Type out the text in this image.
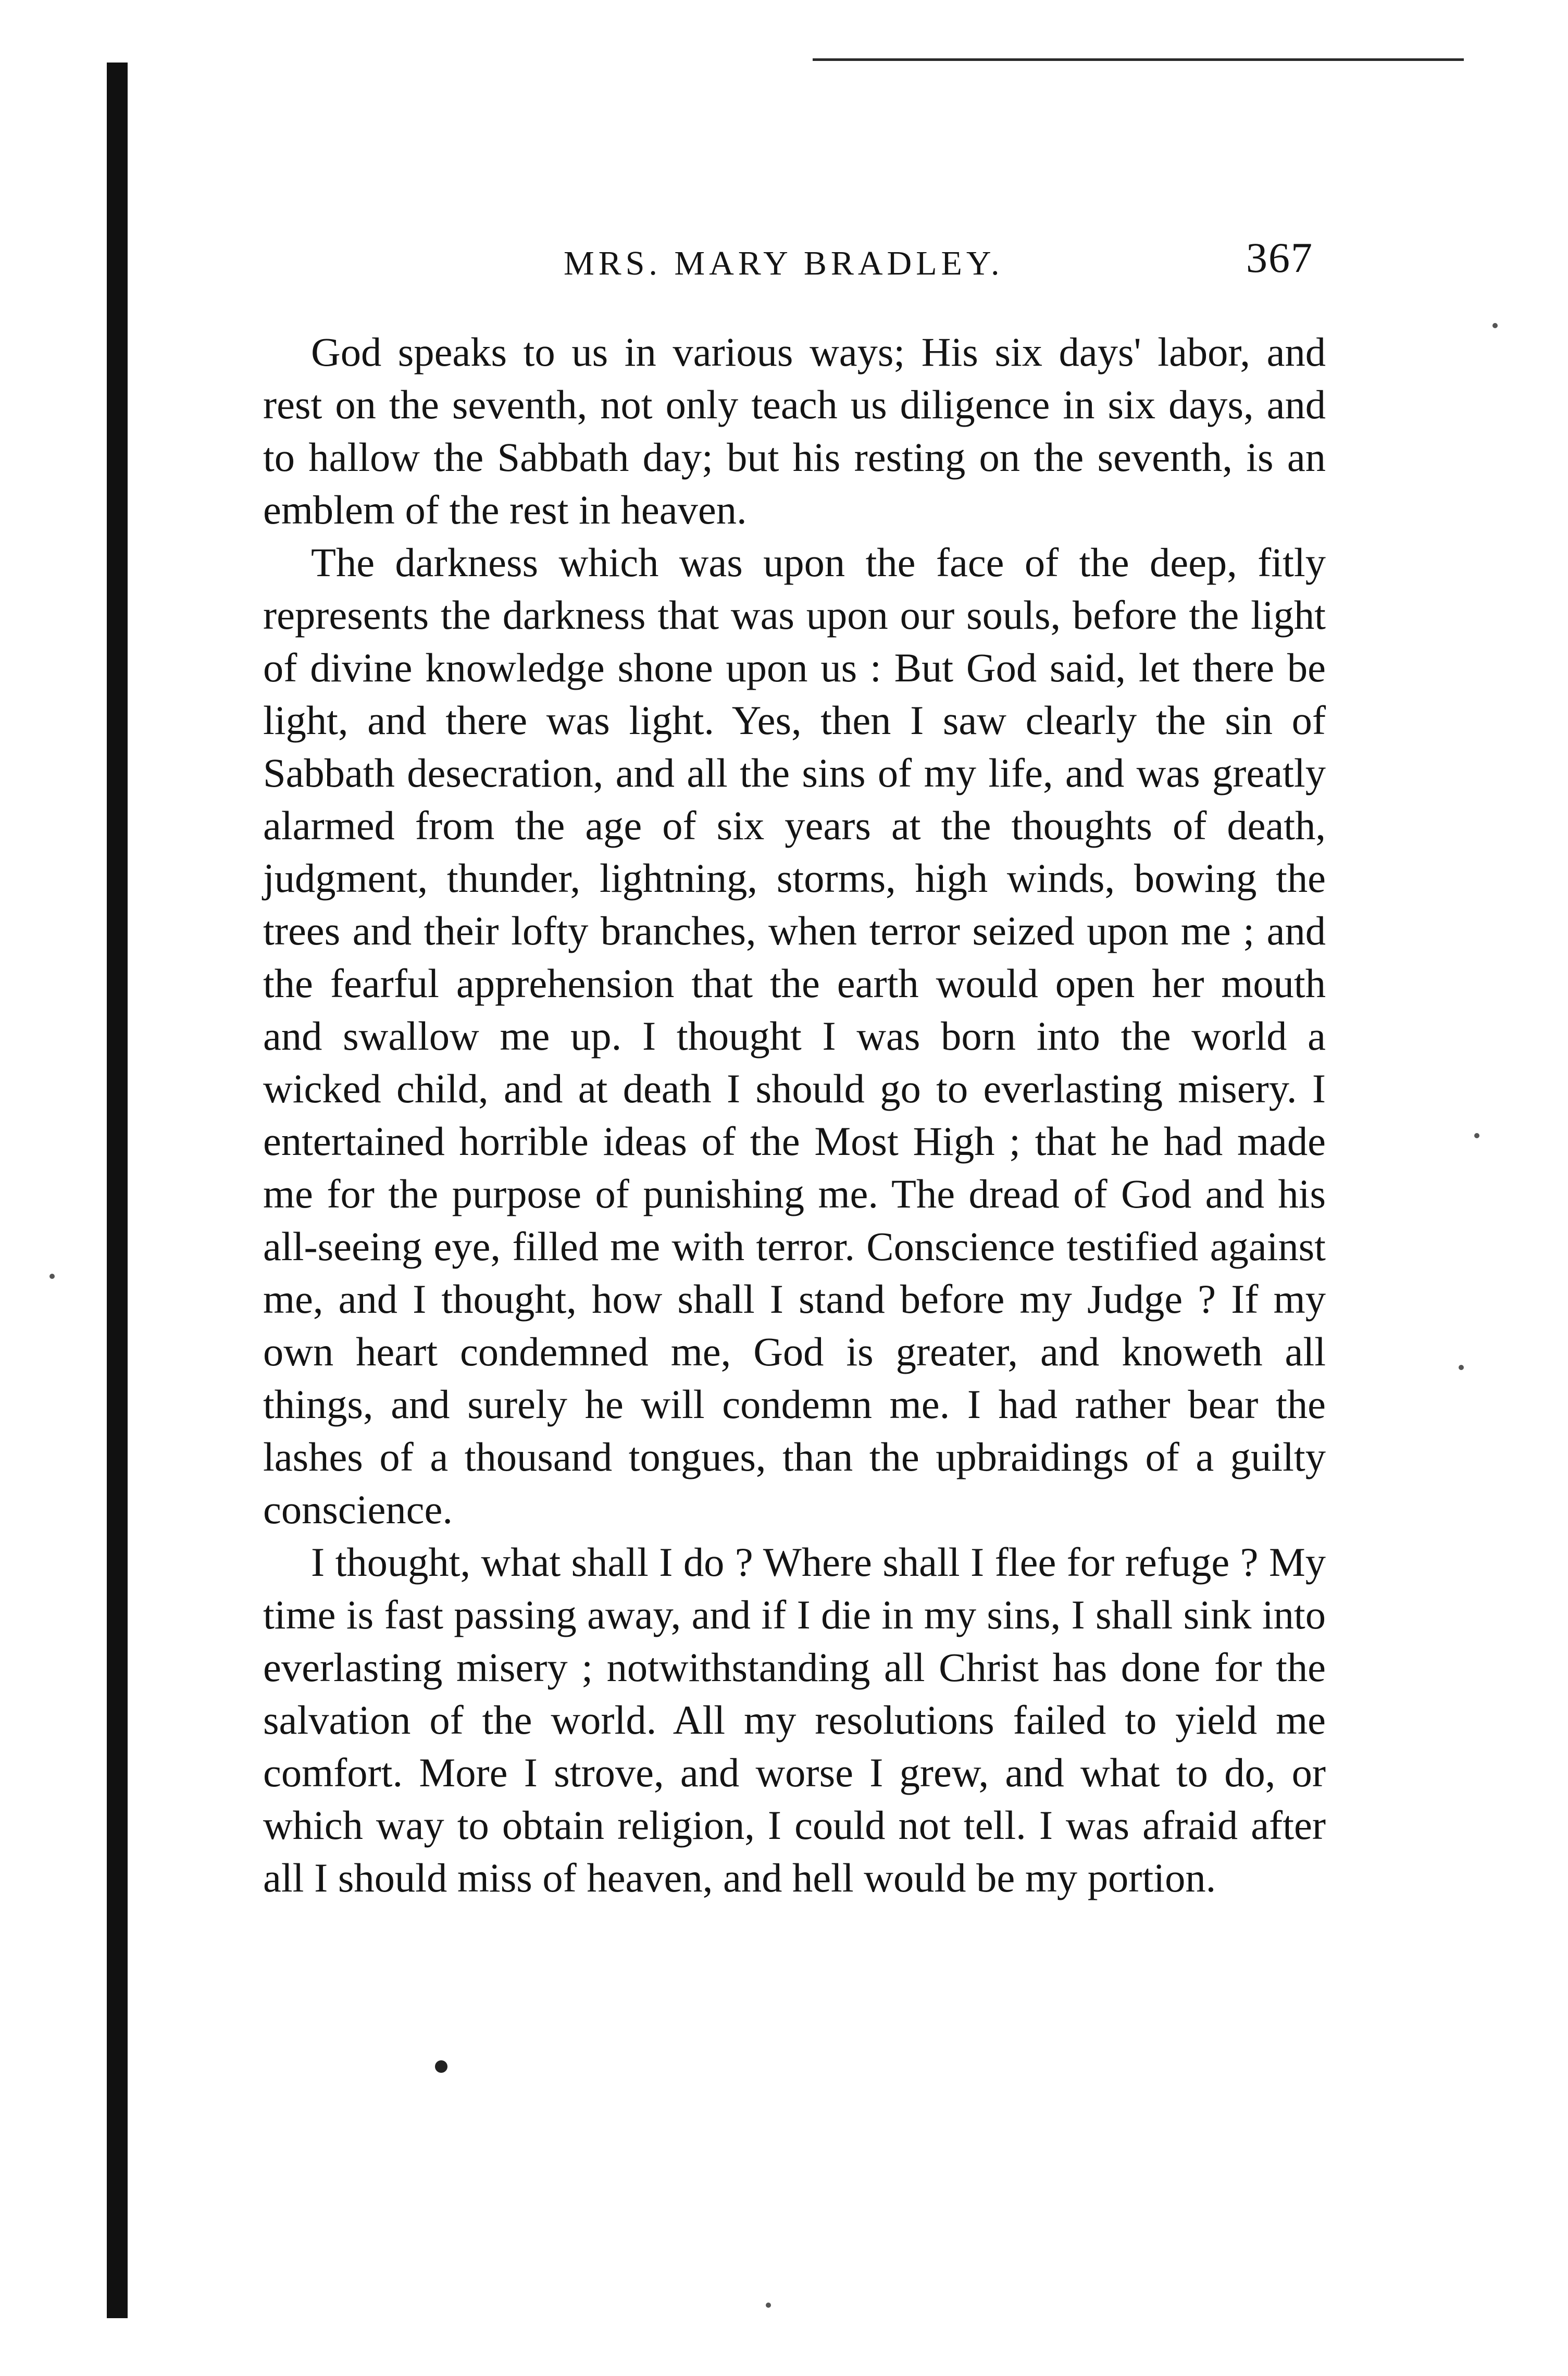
MRS. MARY BRADLEY.	367

God speaks to us in various ways; His six days' labor, and rest on the seventh, not only teach us diligence in six days, and to hallow the Sabbath day; but his resting on the seventh, is an emblem of the rest in heaven.

The darkness which was upon the face of the deep, fitly represents the darkness that was upon our souls, before the light of divine knowledge shone upon us : But God said, let there be light, and there was light. Yes, then I saw clearly the sin of Sabbath desecration, and all the sins of my life, and was greatly alarmed from the age of six years at the thoughts of death, judgment, thunder, lightning, storms, high winds, bowing the trees and their lofty branches, when terror seized upon me ; and the fearful apprehension that the earth would open her mouth and swallow me up. I thought I was born into the world a wicked child, and at death I should go to everlasting misery. I entertained horrible ideas of the Most High ; that he had made me for the purpose of punishing me. The dread of God and his all-seeing eye, filled me with terror. Conscience testified against me, and I thought, how shall I stand before my Judge ? If my own heart condemned me, God is greater, and knoweth all things, and surely he will condemn me. I had rather bear the lashes of a thousand tongues, than the upbraidings of a guilty conscience.

I thought, what shall I do ? Where shall I flee for refuge ? My time is fast passing away, and if I die in my sins, I shall sink into everlasting misery ; notwithstanding all Christ has done for the salvation of the world. All my resolutions failed to yield me comfort. More I strove, and worse I grew, and what to do, or which way to obtain religion, I could not tell. I was afraid after all I should miss of heaven, and hell would be my portion.
